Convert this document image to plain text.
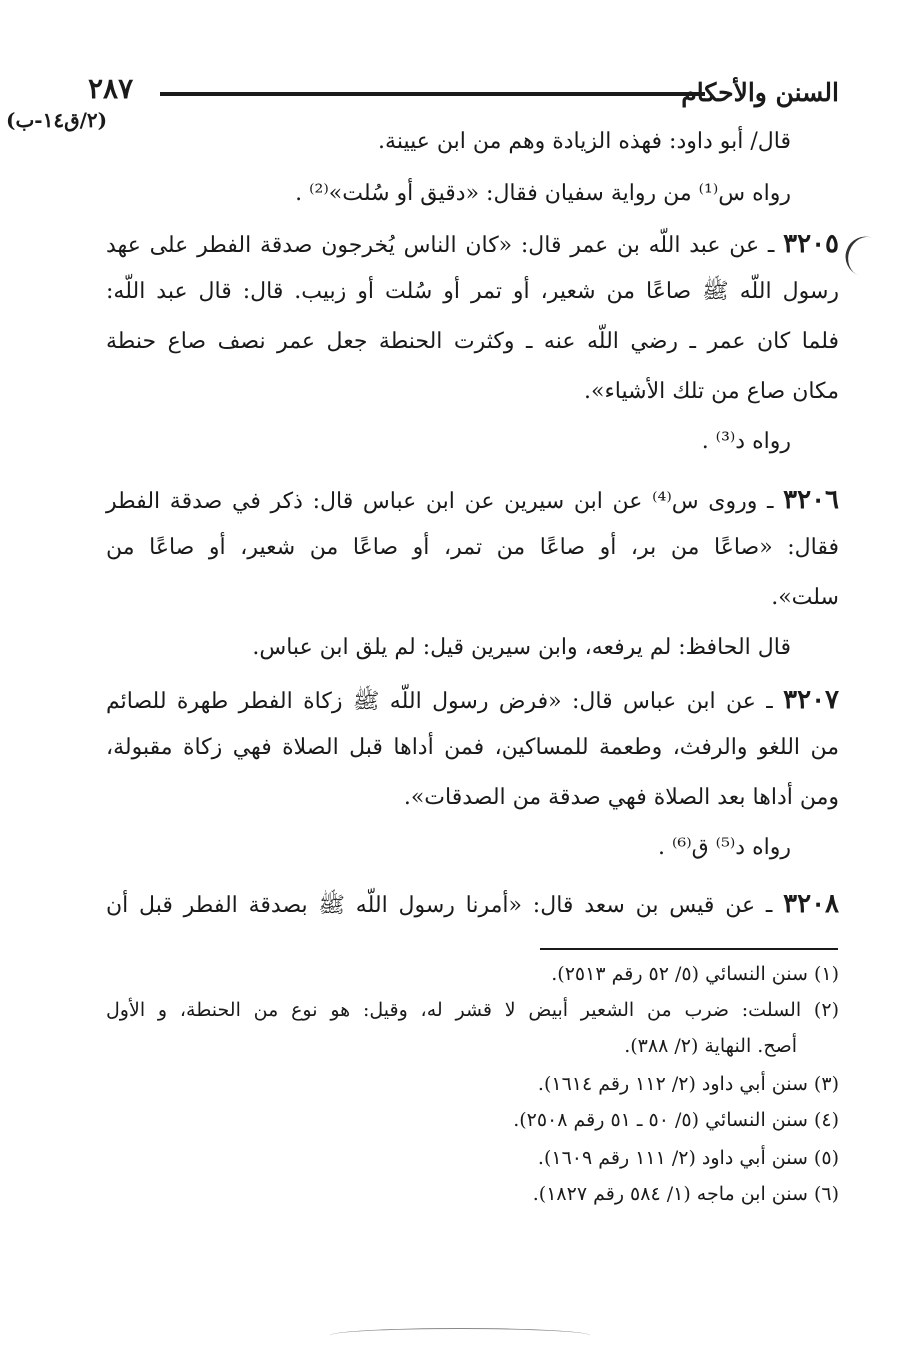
السنن والأحكام
٢٨٧
(٢/ق١٤-ب)
قال/ أبو داود: فهذه الزيادة وهم من ابن عيينة.
رواه س⁽¹⁾ من رواية سفيان فقال: «دقيق أو سُلت»⁽²⁾ .
٣٢٠٥ ـ عن عبد اللّه بن عمر قال: «كان الناس يُخرجون صدقة الفطر على عهد
رسول اللّه ﷺ صاعًا من شعير، أو تمر أو سُلت أو زبيب. قال: قال عبد اللّه:
فلما كان عمر ـ رضي اللّه عنه ـ وكثرت الحنطة جعل عمر نصف صاع حنطة
مكان صاع من تلك الأشياء».
رواه د⁽³⁾ .
٣٢٠٦ ـ وروى س⁽⁴⁾ عن ابن سيرين عن ابن عباس قال: ذكر في صدقة الفطر
فقال: «صاعًا من بر، أو صاعًا من تمر، أو صاعًا من شعير، أو صاعًا من
سلت».
قال الحافظ: لم يرفعه، وابن سيرين قيل: لم يلق ابن عباس.
٣٢٠٧ ـ عن ابن عباس قال: «فرض رسول اللّه ﷺ زكاة الفطر طهرة للصائم
من اللغو والرفث، وطعمة للمساكين، فمن أداها قبل الصلاة فهي زكاة مقبولة،
ومن أداها بعد الصلاة فهي صدقة من الصدقات».
رواه د⁽⁵⁾ ق⁽⁶⁾ .
٣٢٠٨ ـ عن قيس بن سعد قال: «أمرنا رسول اللّه ﷺ بصدقة الفطر قبل أن
(١) سنن النسائي (٥/ ٥٢ رقم ٢٥١٣).
(٢) السلت: ضرب من الشعير أبيض لا قشر له، وقيل: هو نوع من الحنطة، و الأول
أصح. النهاية (٢/ ٣٨٨).
(٣) سنن أبي داود (٢/ ١١٢ رقم ١٦١٤).
(٤) سنن النسائي (٥/ ٥٠ ـ ٥١ رقم ٢٥٠٨).
(٥) سنن أبي داود (٢/ ١١١ رقم ١٦٠٩).
(٦) سنن ابن ماجه (١/ ٥٨٤ رقم ١٨٢٧).
